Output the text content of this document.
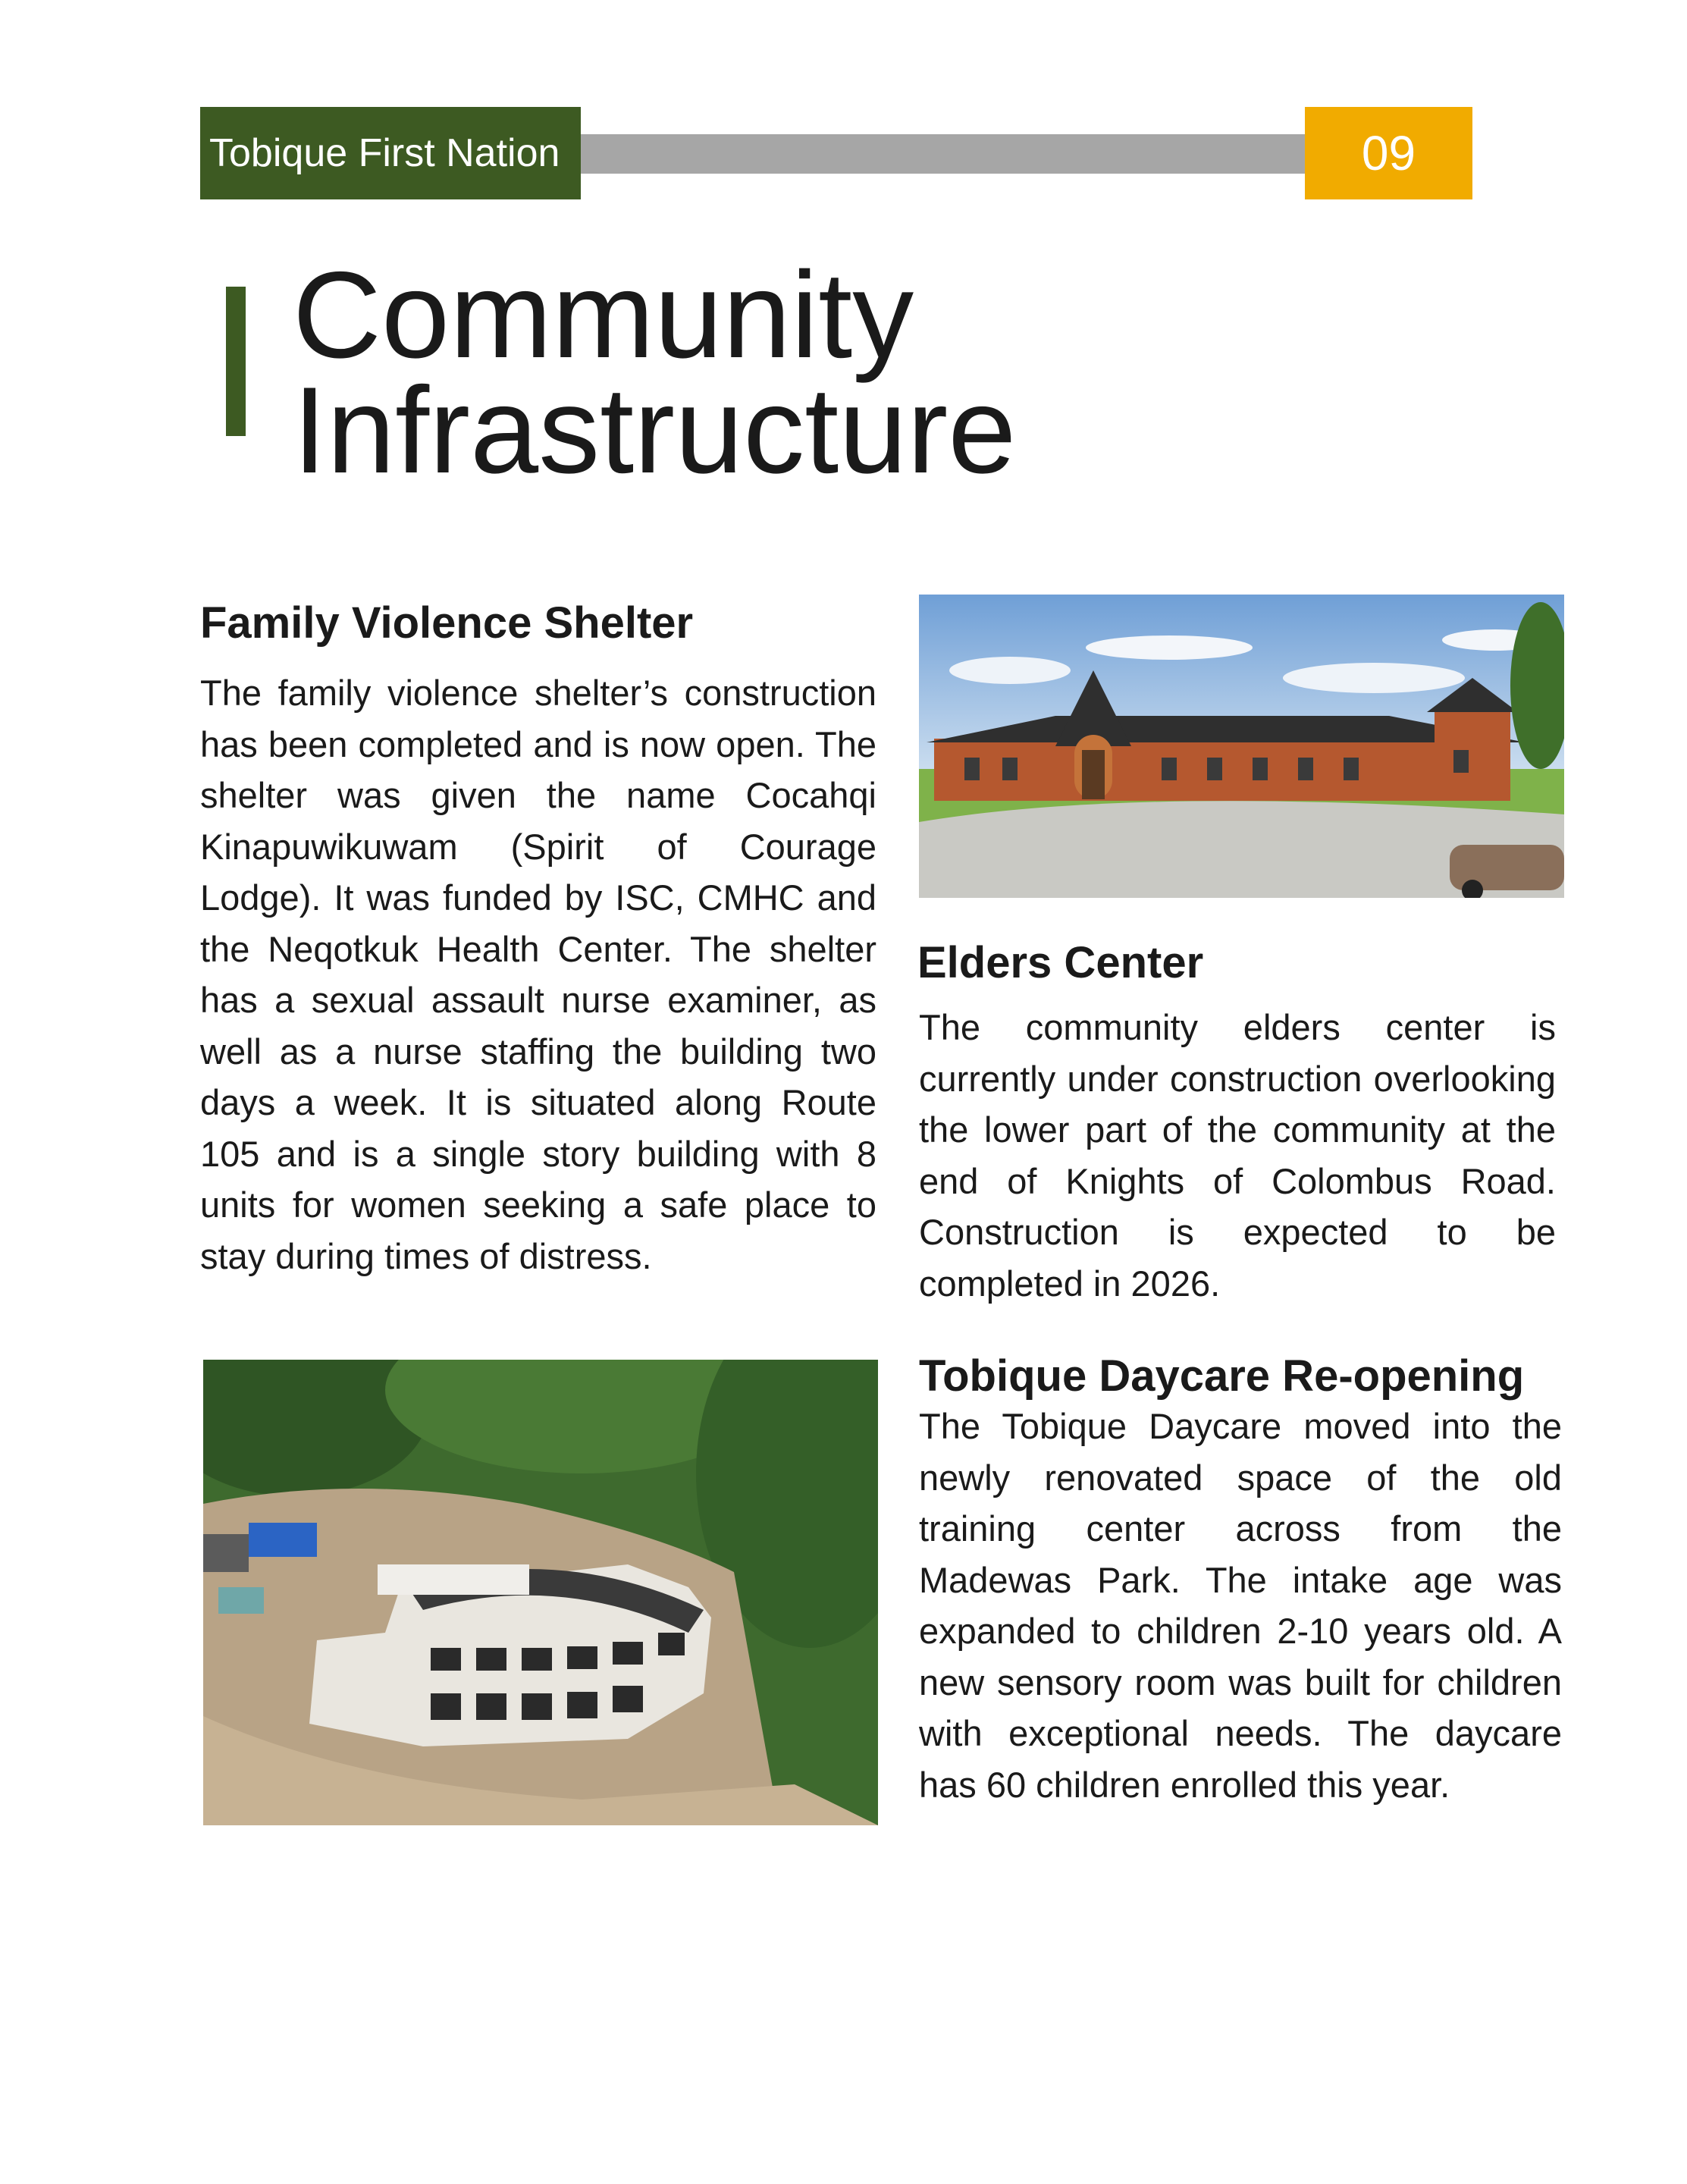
Tobique First Nation	09
Community
Infrastructure
Family Violence Shelter

The family violence shelter’s construction has been completed and is now open. The shelter was given the name Cocahqi Kinapuwikuwam (Spirit of Courage Lodge). It was funded by ISC, CMHC and the Neqotkuk Health Center. The shelter has a sexual assault nurse examiner, as well as a nurse staffing the building two days a week. It is situated along Route 105 and is a single story building with 8 units for women seeking a safe place to stay during times of distress.

Elders Center

The community elders center is currently under construction overlooking the lower part of the community at the end of Knights of Colombus Road. Construction is expected to be completed in 2026.

Tobique Daycare Re-opening

The Tobique Daycare moved into the newly renovated space of the old training center across from the Madewas Park. The intake age was expanded to children 2-10 years old. A new sensory room was built for children with exceptional needs. The daycare has 60 children enrolled this year.
